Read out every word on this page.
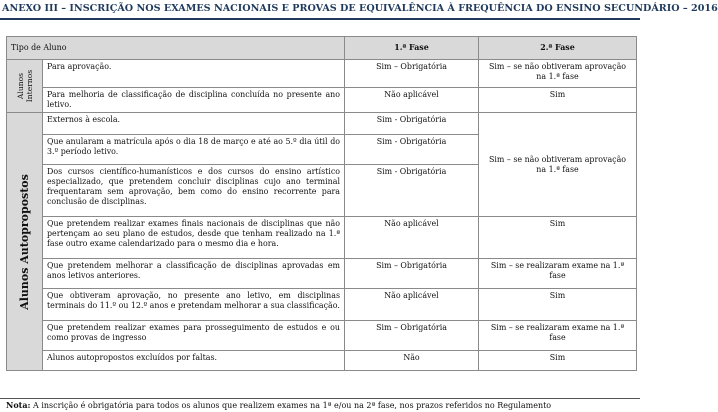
ANEXO III – INSCRIÇÃO NOS EXAMES NACIONAIS E PROVAS DE EQUIVALÊNCIA À FREQUÊNCIA DO ENSINO SECUNDÁRIO – 2016
Tipo de Aluno		1.ª Fase	2.ª Fase

Alunos
Internos	Para aprovação.	Sim – Obrigatória	Sim – se não obtiveram aprovação na 1.ª fase
	Para melhoria de classificação de disciplina concluída no presente ano letivo.	Não aplicável	Sim

Alunos Autopropostos	Externos à escola.	Sim - Obrigatória	Sim – se não obtiveram aprovação na 1.ª fase
	Que anularam a matrícula após o dia 18 de março e até ao 5.º dia útil do 3.º período letivo.	Sim - Obrigatória	
	Dos cursos científico-humanísticos e dos cursos do ensino artístico especializado, que pretendem concluir disciplinas cujo ano terminal frequentaram sem aprovação, bem como do ensino recorrente para conclusão de disciplinas.	Sim - Obrigatória	
	Que pretendem realizar exames finais nacionais de disciplinas que não pertençam ao seu plano de estudos, desde que tenham realizado na 1.ª fase outro exame calendarizado para o mesmo dia e hora.	Não aplicável	Sim
	Que pretendem melhorar a classificação de disciplinas aprovadas em anos letivos anteriores.	Sim – Obrigatória	Sim – se realizaram exame na 1.ª fase
	Que obtiveram aprovação, no presente ano letivo, em disciplinas terminais do 11.º ou 12.º anos e pretendam melhorar a sua classificação.	Não aplicável	Sim
	Que pretendem realizar exames para prosseguimento de estudos e ou como provas de ingresso	Sim – Obrigatória	Sim – se realizaram exame na 1.ª fase
	Alunos autopropostos excluídos por faltas.	Não	Sim
Nota: A inscrição é obrigatória para todos os alunos que realizem exames na 1ª e/ou na 2ª fase, nos prazos referidos no Regulamento
